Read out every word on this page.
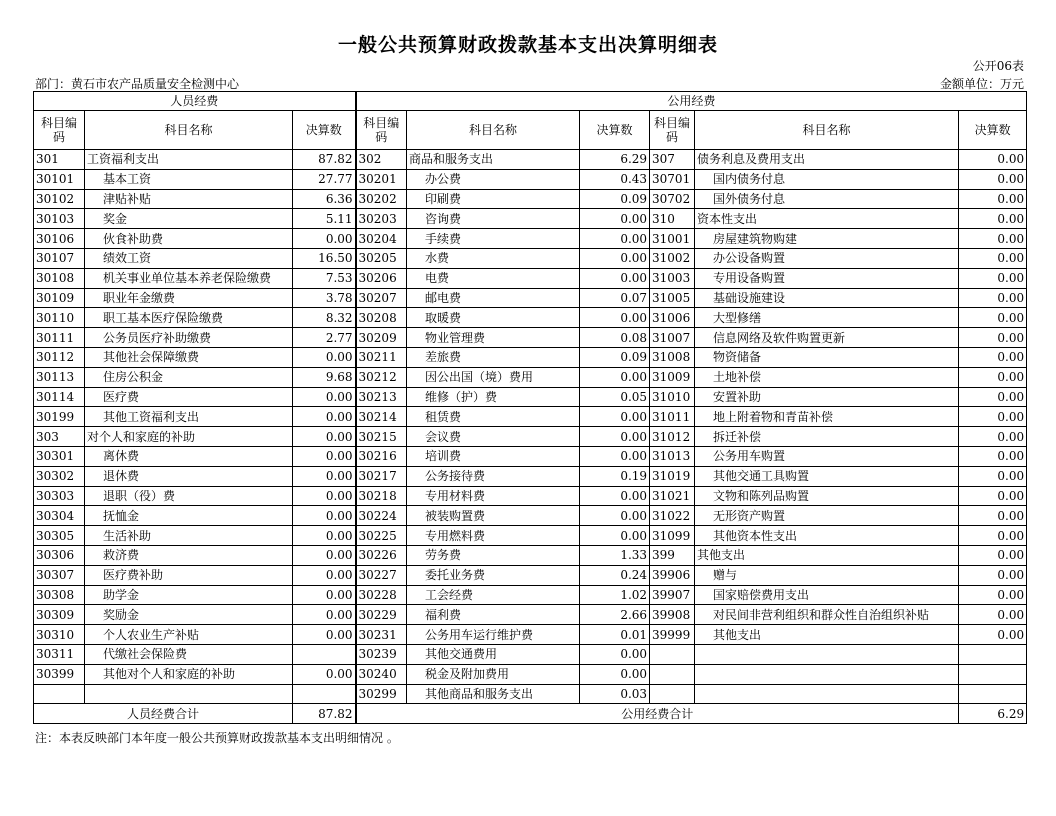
一般公共预算财政拨款基本支出决算明细表
公开06表
部门：黄石市农产品质量安全检测中心	金额单位：万元
人员经费			公用经费					
科目编码	科目名称	决算数	科目编码	科目名称	决算数	科目编码	科目名称	决算数
301	工资福利支出	87.82	302	商品和服务支出	6.29	307	债务利息及费用支出	0.00
30101	基本工资	27.77	30201	办公费	0.43	30701	国内债务付息	0.00
30102	津贴补贴	6.36	30202	印刷费	0.09	30702	国外债务付息	0.00
30103	奖金	5.11	30203	咨询费	0.00	310	资本性支出	0.00
30106	伙食补助费	0.00	30204	手续费	0.00	31001	房屋建筑物购建	0.00
30107	绩效工资	16.50	30205	水费	0.00	31002	办公设备购置	0.00
30108	机关事业单位基本养老保险缴费	7.53	30206	电费	0.00	31003	专用设备购置	0.00
30109	职业年金缴费	3.78	30207	邮电费	0.07	31005	基础设施建设	0.00
30110	职工基本医疗保险缴费	8.32	30208	取暖费	0.00	31006	大型修缮	0.00
30111	公务员医疗补助缴费	2.77	30209	物业管理费	0.08	31007	信息网络及软件购置更新	0.00
30112	其他社会保障缴费	0.00	30211	差旅费	0.09	31008	物资储备	0.00
30113	住房公积金	9.68	30212	因公出国（境）费用	0.00	31009	土地补偿	0.00
30114	医疗费	0.00	30213	维修（护）费	0.05	31010	安置补助	0.00
30199	其他工资福利支出	0.00	30214	租赁费	0.00	31011	地上附着物和青苗补偿	0.00
303	对个人和家庭的补助	0.00	30215	会议费	0.00	31012	拆迁补偿	0.00
30301	离休费	0.00	30216	培训费	0.00	31013	公务用车购置	0.00
30302	退休费	0.00	30217	公务接待费	0.19	31019	其他交通工具购置	0.00
30303	退职（役）费	0.00	30218	专用材料费	0.00	31021	文物和陈列品购置	0.00
30304	抚恤金	0.00	30224	被装购置费	0.00	31022	无形资产购置	0.00
30305	生活补助	0.00	30225	专用燃料费	0.00	31099	其他资本性支出	0.00
30306	救济费	0.00	30226	劳务费	1.33	399	其他支出	0.00
30307	医疗费补助	0.00	30227	委托业务费	0.24	39906	赠与	0.00
30308	助学金	0.00	30228	工会经费	1.02	39907	国家赔偿费用支出	0.00
30309	奖励金	0.00	30229	福利费	2.66	39908	对民间非营利组织和群众性自治组织补贴	0.00
30310	个人农业生产补贴	0.00	30231	公务用车运行维护费	0.01	39999	其他支出	0.00
30311	代缴社会保险费		30239	其他交通费用	0.00			
30399	其他对个人和家庭的补助	0.00	30240	税金及附加费用	0.00			
			30299	其他商品和服务支出	0.03			
人员经费合计		87.82	公用经费合计					6.29
注：本表反映部门本年度一般公共预算财政拨款基本支出明细情况 。
